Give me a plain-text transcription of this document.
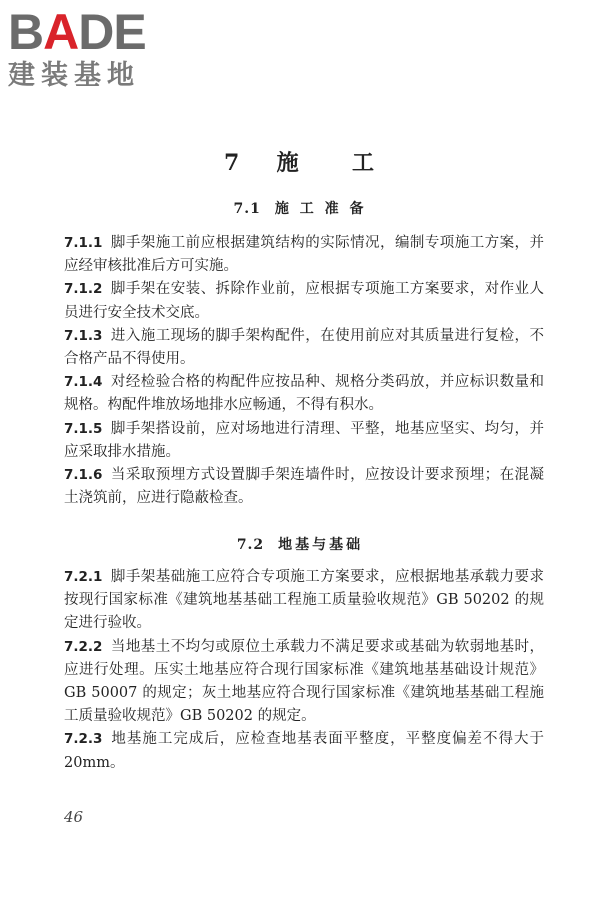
BADE
建装基地
7 施 工
7.1 施 工 准 备

7.1.1 脚手架施工前应根据建筑结构的实际情况，编制专项施工方案，并应经审核批准后方可实施。

7.1.2 脚手架在安装、拆除作业前，应根据专项施工方案要求，对作业人员进行安全技术交底。

7.1.3 进入施工现场的脚手架构配件，在使用前应对其质量进行复检，不合格产品不得使用。

7.1.4 对经检验合格的构配件应按品种、规格分类码放，并应标识数量和规格。构配件堆放场地排水应畅通，不得有积水。

7.1.5 脚手架搭设前，应对场地进行清理、平整，地基应坚实、均匀，并应采取排水措施。

7.1.6 当采取预埋方式设置脚手架连墙件时，应按设计要求预埋；在混凝土浇筑前，应进行隐蔽检查。

7.2 地基与基础

7.2.1 脚手架基础施工应符合专项施工方案要求，应根据地基承载力要求按现行国家标准《建筑地基基础工程施工质量验收规范》GB 50202 的规定进行验收。

7.2.2 当地基土不均匀或原位土承载力不满足要求或基础为软弱地基时，应进行处理。压实土地基应符合现行国家标准《建筑地基基础设计规范》GB 50007 的规定；灰土地基应符合现行国家标准《建筑地基基础工程施工质量验收规范》GB 50202 的规定。

7.2.3 地基施工完成后，应检查地基表面平整度，平整度偏差不得大于 20mm。

46
